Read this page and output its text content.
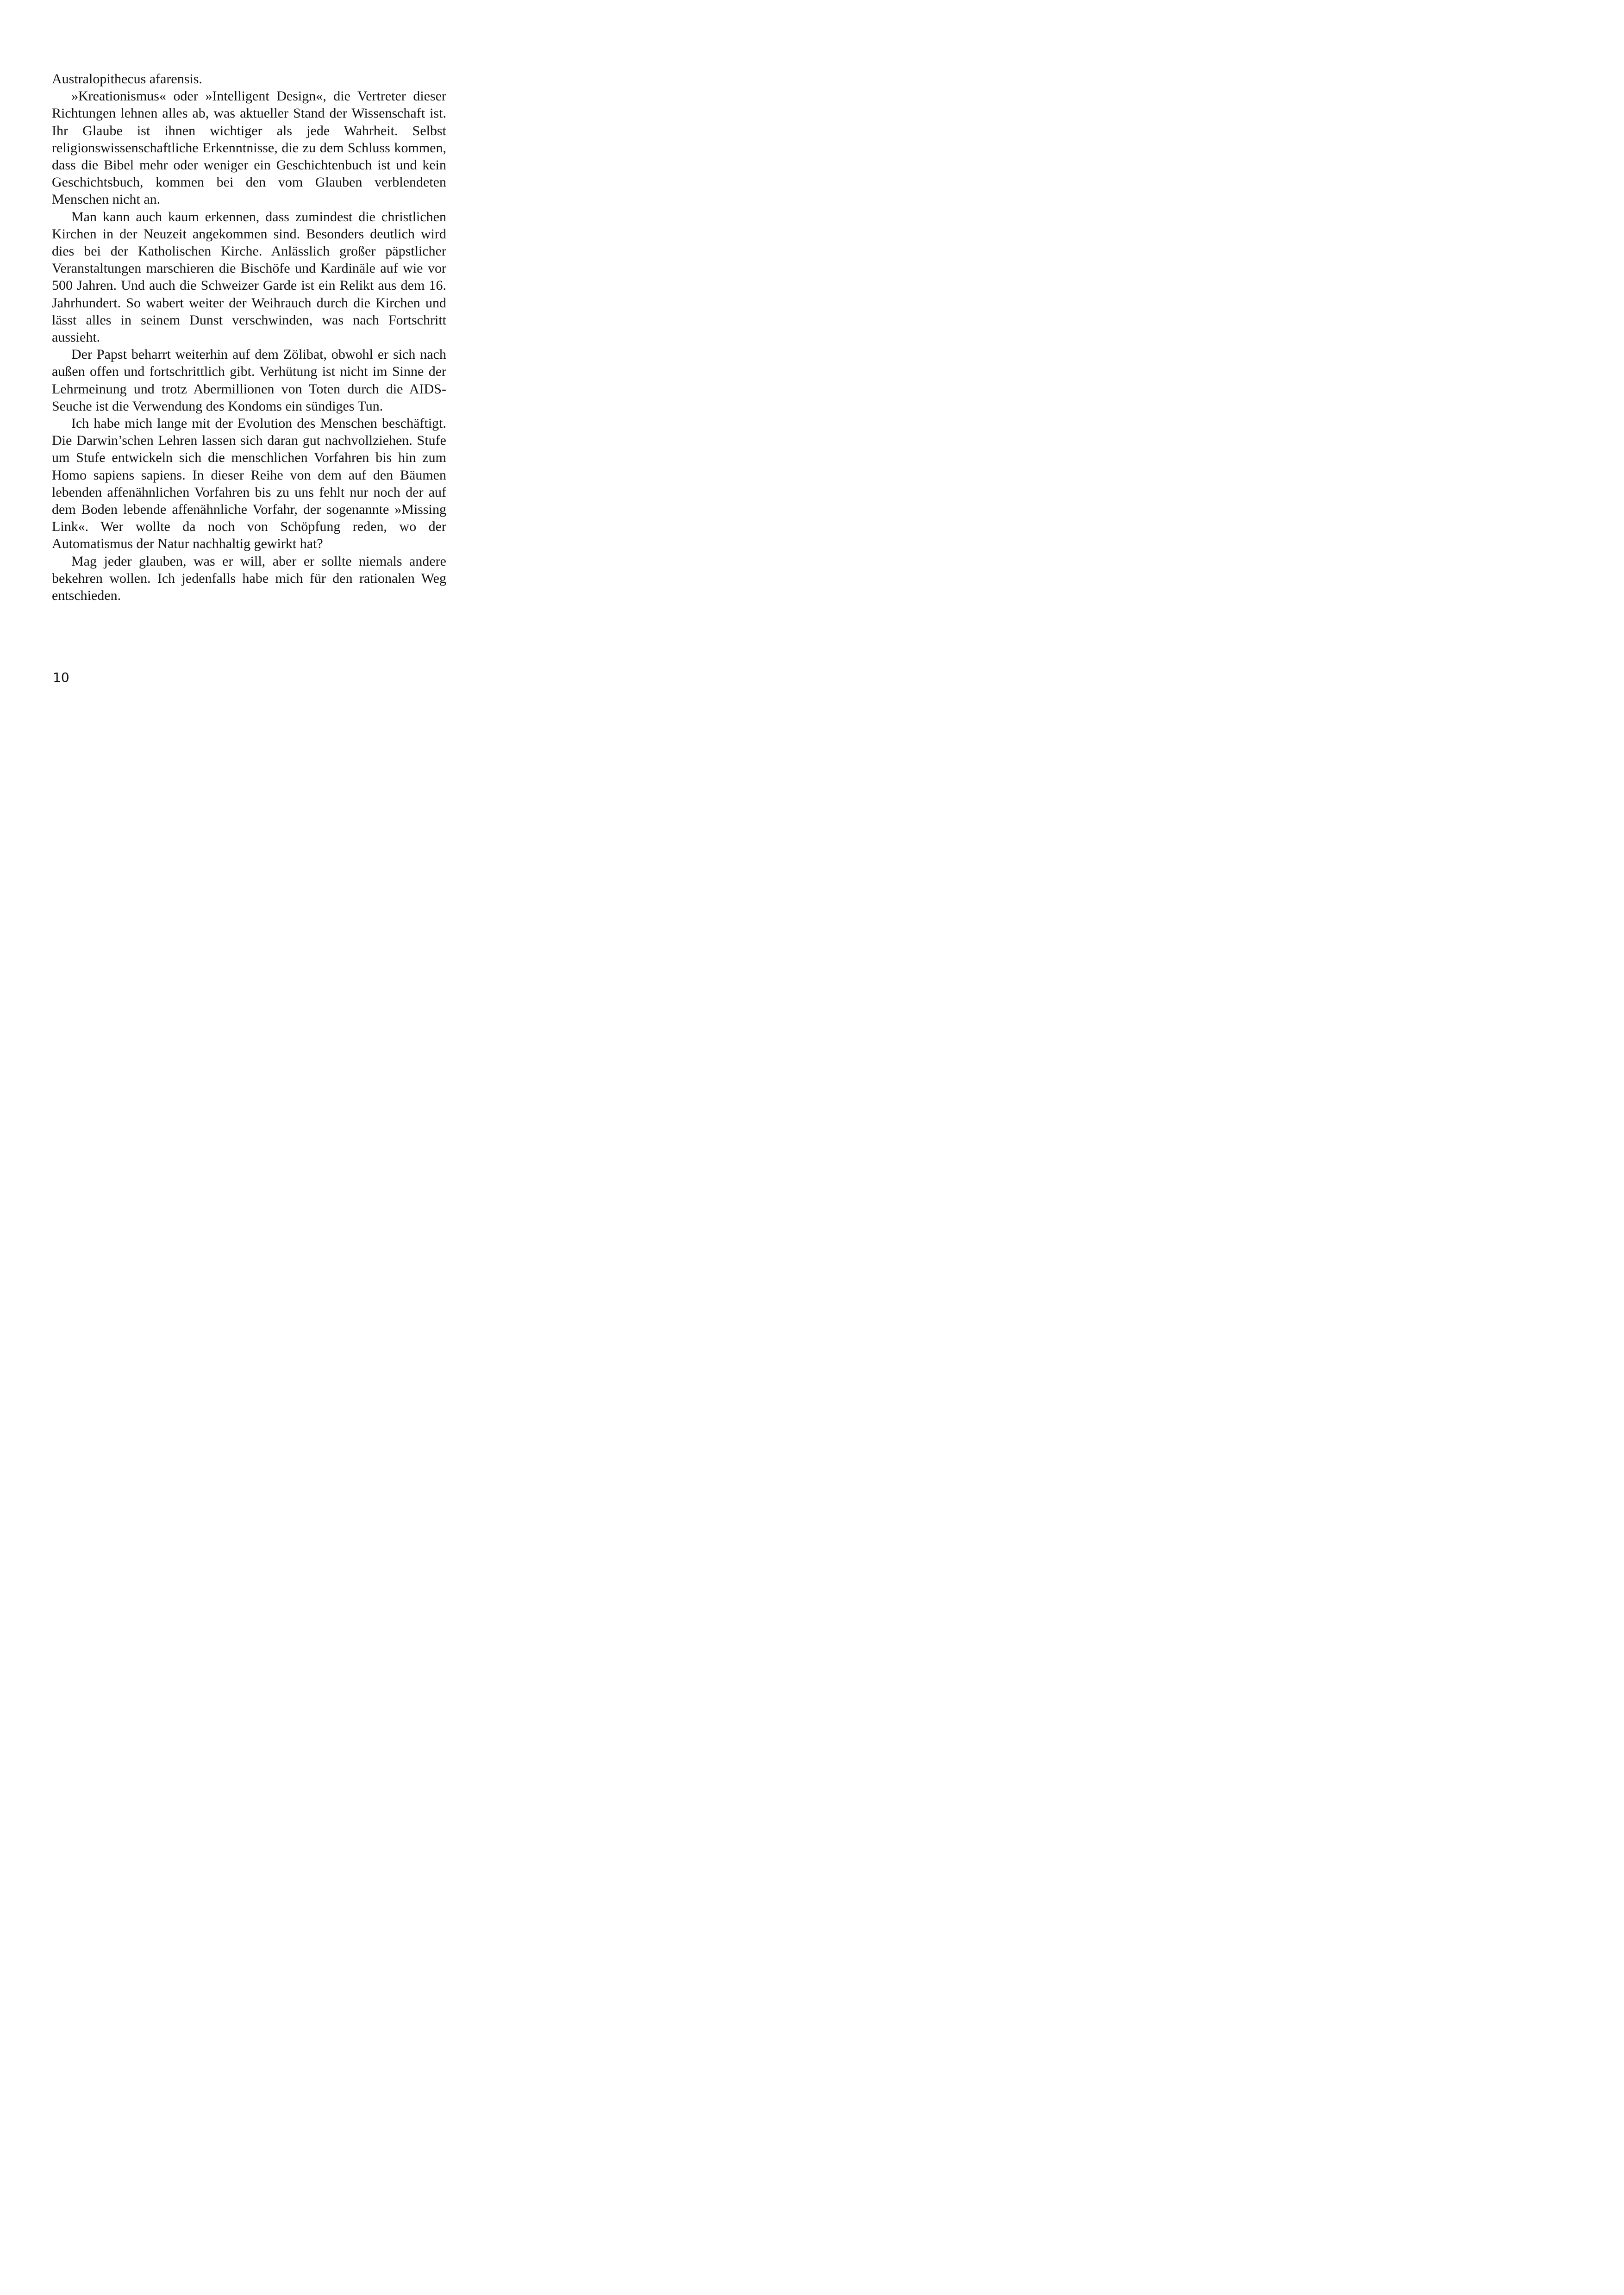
Australopithecus afarensis.

»Kreationismus« oder »Intelligent Design«, die Vertreter dieser Richtungen lehnen alles ab, was aktueller Stand der Wissenschaft ist. Ihr Glaube ist ihnen wichtiger als jede Wahrheit. Selbst religionswissenschaftliche Erkenntnisse, die zu dem Schluss kommen, dass die Bibel mehr oder weniger ein Geschichtenbuch ist und kein Geschichtsbuch, kommen bei den vom Glauben verblendeten Menschen nicht an.

Man kann auch kaum erkennen, dass zumindest die christlichen Kirchen in der Neuzeit angekommen sind. Besonders deutlich wird dies bei der Katholischen Kirche. Anlässlich großer päpstlicher Veranstaltungen marschieren die Bischöfe und Kardinäle auf wie vor 500 Jahren. Und auch die Schweizer Garde ist ein Relikt aus dem 16. Jahrhundert. So wabert weiter der Weihrauch durch die Kirchen und lässt alles in seinem Dunst verschwinden, was nach Fortschritt aussieht.

Der Papst beharrt weiterhin auf dem Zölibat, obwohl er sich nach außen offen und fortschrittlich gibt. Verhütung ist nicht im Sinne der Lehrmeinung und trotz Abermillionen von Toten durch die AIDS-Seuche ist die Verwendung des Kondoms ein sündiges Tun.

Ich habe mich lange mit der Evolution des Menschen beschäftigt. Die Darwin’schen Lehren lassen sich daran gut nachvollziehen. Stufe um Stufe entwickeln sich die menschlichen Vorfahren bis hin zum Homo sapiens sapiens. In dieser Reihe von dem auf den Bäumen lebenden affenähnlichen Vorfahren bis zu uns fehlt nur noch der auf dem Boden lebende affenähnliche Vorfahr, der sogenannte »Missing Link«. Wer wollte da noch von Schöpfung reden, wo der Automatismus der Natur nachhaltig gewirkt hat?

Mag jeder glauben, was er will, aber er sollte niemals andere bekehren wollen. Ich jedenfalls habe mich für den rationalen Weg entschieden.

10
